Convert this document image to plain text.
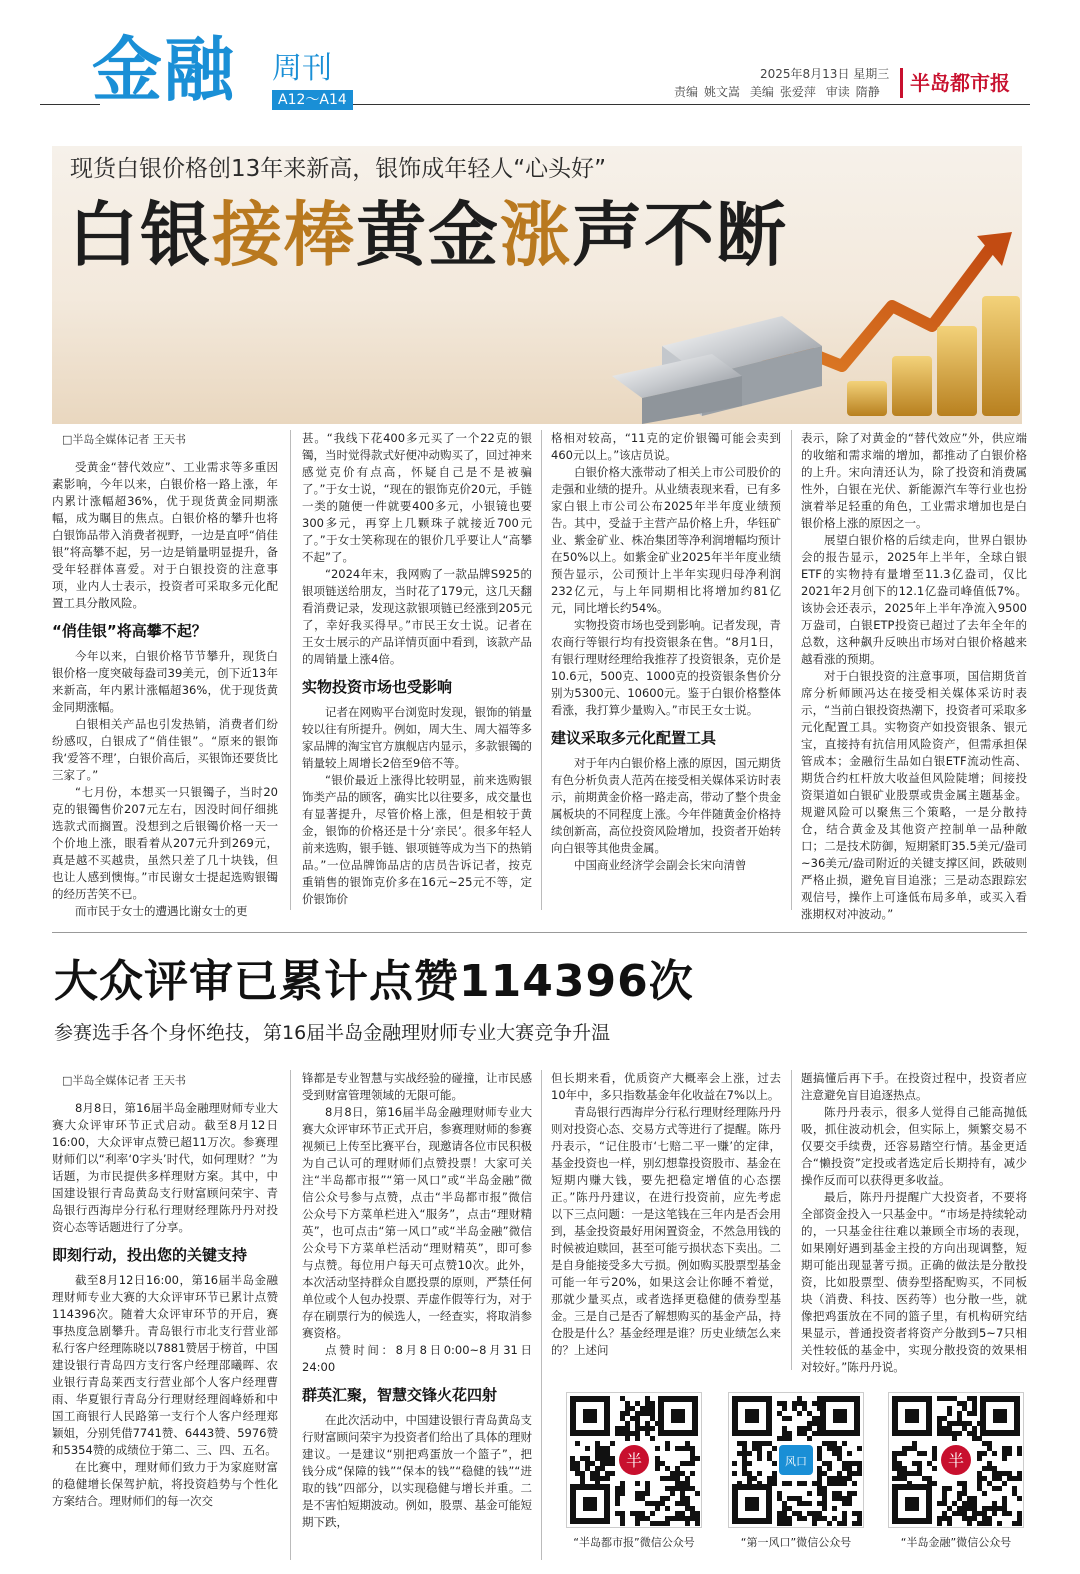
金融 周刊
A12～A14
2025年8月13日 星期三
责编 姚文嵩 美编 张爱萍 审读 隋静	半岛都市报
现货白银价格创13年来新高，银饰成年轻人“心头好”
白银接棒黄金涨声不断
□半岛全媒体记者 王天书

受黄金“替代效应”、工业需求等多重因素影响，今年以来，白银价格一路上涨，年内累计涨幅超36%，优于现货黄金同期涨幅，成为瞩目的焦点。白银价格的攀升也将白银饰品带入消费者视野，一边是直呼“俏佳银”将高攀不起，另一边是销量明显提升，备受年轻群体喜爱。对于白银投资的注意事项，业内人士表示，投资者可采取多元化配置工具分散风险。

“俏佳银”将高攀不起？

今年以来，白银价格节节攀升，现货白银价格一度突破每盎司39美元，创下近13年来新高，年内累计涨幅超36%，优于现货黄金同期涨幅。

白银相关产品也引发热销，消费者们纷纷感叹，白银成了“俏佳银”。“原来的银饰我‘爱答不理’，白银价高后，买银饰还要货比三家了。”

“七月份，本想买一只银镯子，当时20克的银镯售价207元左右，因没时间仔细挑选款式而搁置。没想到之后银镯价格一天一个价地上涨，眼看着从207元升到269元，真是越不买越贵，虽然只差了几十块钱，但也让人感到懊悔。”市民谢女士提起选购银镯的经历苦笑不已。

而市民于女士的遭遇比谢女士的更

甚。“我线下花400多元买了一个22克的银镯，当时觉得款式好便冲动购买了，回过神来感觉克价有点高，怀疑自己是不是被骗了。”于女士说，“现在的银饰克价20元，手链一类的随便一件就要400多元，小银镜也要300多元，再穿上几颗珠子就接近700元了。”于女士笑称现在的银价几乎要让人“高攀不起”了。

“2024年末，我网购了一款品牌S925的银项链送给朋友，当时花了179元，这几天翻看消费记录，发现这款银项链已经涨到205元了，幸好我买得早。”市民王女士说。记者在王女士展示的产品详情页面中看到，该款产品的周销量上涨4倍。

实物投资市场也受影响

记者在网购平台浏览时发现，银饰的销量较以往有所提升。例如，周大生、周大福等多家品牌的淘宝官方旗舰店内显示，多款银镯的销量较上周增长2倍至9倍不等。

“银价最近上涨得比较明显，前来选购银饰类产品的顾客，确实比以往要多，成交量也有显著提升，尽管价格上涨，但是相较于黄金，银饰的价格还是十分‘亲民’。很多年轻人前来选购，银手链、银项链等成为当下的热销品。”一位品牌饰品店的店员告诉记者，按克重销售的银饰克价多在16元~25元不等，定价银饰价

格相对较高，“11克的定价银镯可能会卖到460元以上。”该店员说。

白银价格大涨带动了相关上市公司股价的走强和业绩的提升。从业绩表现来看，已有多家白银上市公司公布2025年半年度业绩预告。其中，受益于主营产品价格上升，华钰矿业、紫金矿业、株冶集团等净利润增幅均预计在50%以上。如紫金矿业2025年半年度业绩预告显示，公司预计上半年实现归母净利润232亿元，与上年同期相比将增加约81亿元，同比增长约54%。

实物投资市场也受到影响。记者发现，青农商行等银行均有投资银条在售。“8月1日，有银行理财经理给我推荐了投资银条，克价是10.6元，500克、1000克的投资银条售价分别为5300元、10600元。鉴于白银价格整体看涨，我打算少量购入。”市民王女士说。

建议采取多元化配置工具

对于年内白银价格上涨的原因，国元期货有色分析负责人范芮在接受相关媒体采访时表示，前期黄金价格一路走高，带动了整个贵金属板块的不同程度上涨。今年伴随黄金价格持续创新高，高位投资风险增加，投资者开始转向白银等其他贵金属。

中国商业经济学会副会长宋向清曾

表示，除了对黄金的“替代效应”外，供应端的收缩和需求端的增加，都推动了白银价格的上升。宋向清还认为，除了投资和消费属性外，白银在光伏、新能源汽车等行业也扮演着举足轻重的角色，工业需求增加也是白银价格上涨的原因之一。

展望白银价格的后续走向，世界白银协会的报告显示，2025年上半年，全球白银ETF的实物持有量增至11.3亿盎司，仅比2021年2月创下的12.1亿盎司峰值低7%。该协会还表示，2025年上半年净流入9500万盎司，白银ETP投资已超过了去年全年的总数，这种飙升反映出市场对白银价格越来越看涨的预期。

对于白银投资的注意事项，国信期货首席分析师顾冯达在接受相关媒体采访时表示，“当前白银投资热潮下，投资者可采取多元化配置工具。实物资产如投资银条、银元宝，直接持有抗信用风险资产，但需承担保管成本；金融衍生品如白银ETF流动性高、期货合约杠杆放大收益但风险陡增；间接投资渠道如白银矿业股票或贵金属主题基金。规避风险可以聚焦三个策略，一是分散持仓，结合黄金及其他资产控制单一品种敞口；二是技术防御，短期紧盯35.5美元/盎司~36美元/盎司附近的关键支撑区间，跌破则严格止损，避免盲目追涨；三是动态跟踪宏观信号，操作上可逢低布局多单，或买入看涨期权对冲波动。”

大众评审已累计点赞114396次
参赛选手各个身怀绝技，第16届半岛金融理财师专业大赛竞争升温
□半岛全媒体记者 王天书

8月8日，第16届半岛金融理财师专业大赛大众评审环节正式启动。截至8月12日16:00，大众评审点赞已超11万次。参赛理财师们以“利率‘0字头’时代，如何理财？”为话题，为市民提供多样理财方案。其中，中国建设银行青岛黄岛支行财富顾问荣宇、青岛银行西海岸分行私行理财经理陈丹丹对投资心态等话题进行了分享。

即刻行动，投出您的关键支持

截至8月12日16:00，第16届半岛金融理财师专业大赛的大众评审环节已累计点赞114396次。随着大众评审环节的开启，赛事热度急剧攀升。青岛银行市北支行营业部私行客户经理陈晓以7881赞居于榜首，中国建设银行青岛四方支行客户经理邵曦晖、农业银行青岛莱西支行营业部个人客户经理曹雨、华夏银行青岛分行理财经理阎峰娇和中国工商银行人民路第一支行个人客户经理郑颖姐，分别凭借7741赞、6443赞、5976赞和5354赞的成绩位于第二、三、四、五名。

在比赛中，理财师们致力于为家庭财富的稳健增长保驾护航，将投资趋势与个性化方案结合。理财师们的每一次交

锋都是专业智慧与实战经验的碰撞，让市民感受到财富管理领域的无限可能。

8月8日，第16届半岛金融理财师专业大赛大众评审环节正式开启，参赛理财师的参赛视频已上传至比赛平台，现邀请各位市民积极为自己认可的理财师们点赞投票！大家可关注“半岛都市报”“第一风口”或“半岛金融”微信公众号参与点赞，点击“半岛都市报”微信公众号下方菜单栏进入“服务”，点击“理财精英”，也可点击“第一风口”或“半岛金融”微信公众号下方菜单栏活动“理财精英”，即可参与点赞。每位用户每天可点赞10次。此外，本次活动坚持群众自愿投票的原则，严禁任何单位或个人包办投票、弄虚作假等行为，对于存在刷票行为的候选人，一经查实，将取消参赛资格。

点赞时间：8月8日0:00~8月31日24:00

群英汇聚，智慧交锋火花四射

在此次活动中，中国建设银行青岛黄岛支行财富顾问荣宇为投资者们给出了具体的理财建议。一是建议“别把鸡蛋放一个篮子”，把钱分成“保障的钱”“保本的钱”“稳健的钱”“进取的钱”四部分，以实现稳健与增长并重。二是不害怕短期波动。例如，股票、基金可能短期下跌，

但长期来看，优质资产大概率会上涨，过去10年中，多只指数基金年化收益在7%以上。

青岛银行西海岸分行私行理财经理陈丹丹则对投资心态、交易方式等进行了提醒。陈丹丹表示，“记住股市‘七赔二平一赚’的定律，基金投资也一样，别幻想靠投资股市、基金在短期内赚大钱，要先把稳定增值的心态摆正。”陈丹丹建议，在进行投资前，应先考虑以下三点问题：一是这笔钱在三年内是否会用到，基金投资最好用闲置资金，不然急用钱的时候被迫赎回，甚至可能亏损状态下卖出。二是自身能接受多大亏损。例如购买股票型基金可能一年亏20%，如果这会让你睡不着觉，那就少量买点，或者选择更稳健的债券型基金。三是自己是否了解想购买的基金产品，持仓股是什么？基金经理是谁？历史业绩怎么来的？上述问

题搞懂后再下手。在投资过程中，投资者应注意避免盲目追逐热点。

陈丹丹表示，很多人觉得自己能高抛低吸，抓住波动机会，但实际上，频繁交易不仅要交手续费，还容易踏空行情。基金更适合“懒投资”定投或者选定后长期持有，减少操作反而可以获得更多收益。

最后，陈丹丹提醒广大投资者，不要将全部资金投入一只基金中。“市场是持续轮动的，一只基金往往难以兼顾全市场的表现，如果刚好遇到基金主投的方向出现调整，短期可能出现显著亏损。正确的做法是分散投资，比如股票型、债券型搭配购买，不同板块（消费、科技、医药等）也分散一些，就像把鸡蛋放在不同的篮子里，有机构研究结果显示，普通投资者将资产分散到5~7只相关性较低的基金中，实现分散投资的效果相对较好。”陈丹丹说。

半
“半岛都市报”微信公众号
风口
“第一风口”微信公众号
半
“半岛金融”微信公众号
